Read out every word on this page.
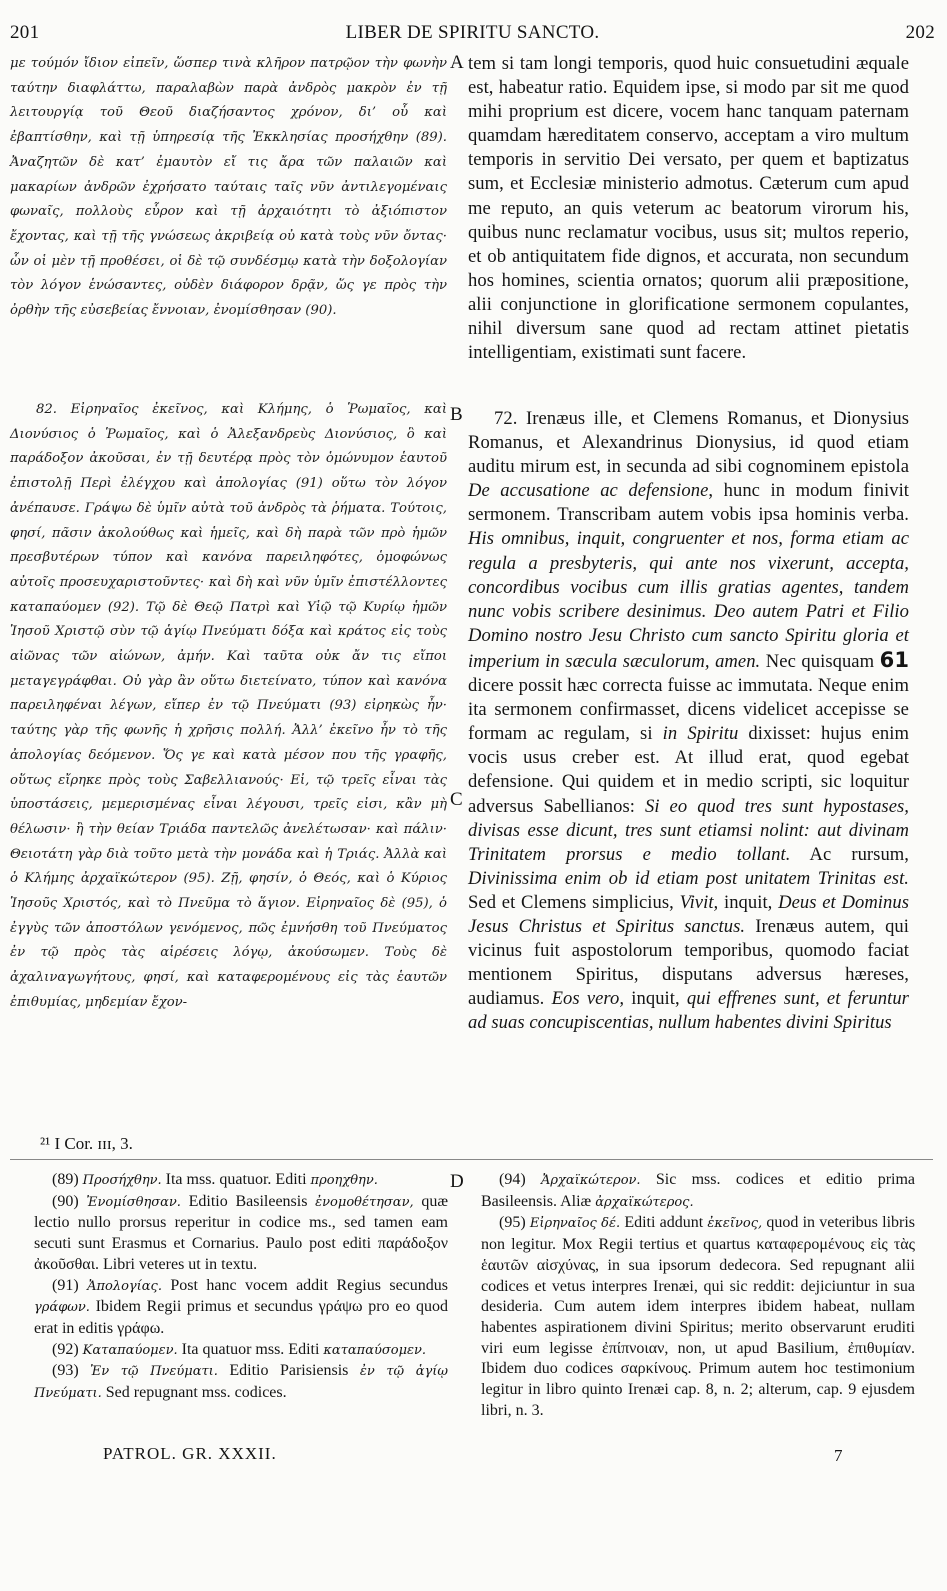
201	LIBER DE SPIRITU SANCTO.	202
A
B
C
D

με τούμόν ἴδιον εἰπεῖν, ὥσπερ τινὰ κλῆρον πατρῷον τὴν φωνὴν ταύτην διαφλάττω, παραλαβὼν παρὰ ἀνδρὸς μακρὸν ἐν τῇ λειτουργίᾳ τοῦ Θεοῦ διαζήσαντος χρόνον, δι’ οὗ καὶ ἐβαπτίσθην, καὶ τῇ ὑπηρεσίᾳ τῆς Ἐκκλησίας προσήχθην (89). Ἀναζητῶν δὲ κατ’ ἐμαυτὸν εἴ τις ἄρα τῶν παλαιῶν καὶ μακαρίων ἀνδρῶν ἐχρήσατο ταύταις ταῖς νῦν ἀντιλεγομέναις φωναῖς, πολλοὺς εὗρον καὶ τῇ ἀρχαιότητι τὸ ἀξιόπιστον ἔχοντας, καὶ τῇ τῆς γνώσεως ἀκριβείᾳ οὐ κατὰ τοὺς νῦν ὄντας· ὧν οἱ μὲν τῇ προθέσει, οἱ δὲ τῷ συνδέσμῳ κατὰ τὴν δοξολογίαν τὸν λόγον ἑνώσαντες, οὐδὲν διάφορον δρᾷν, ὥς γε πρὸς τὴν ὀρθὴν τῆς εὐσεβείας ἔννοιαν, ἐνομίσθησαν (90).

82. Εἰρηναῖος ἐκεῖνος, καὶ Κλήμης, ὁ Ῥωμαῖος, καὶ Διονύσιος ὁ Ῥωμαῖος, καὶ ὁ Ἀλεξανδρεὺς Διονύσιος, ὃ καὶ παράδοξον ἀκοῦσαι, ἐν τῇ δευτέρᾳ πρὸς τὸν ὁμώνυμον ἑαυτοῦ ἐπιστολῇ Περὶ ἐλέγχου καὶ ἀπολογίας (91) οὕτω τὸν λόγον ἀνέπαυσε. Γράψω δὲ ὑμῖν αὐτὰ τοῦ ἀνδρὸς τὰ ῥήματα. Τούτοις, φησί, πᾶσιν ἀκολούθως καὶ ἡμεῖς, καὶ δὴ παρὰ τῶν πρὸ ἡμῶν πρεσβυτέρων τύπον καὶ κανόνα παρειληφότες, ὁμοφώνως αὐτοῖς προσευχαριστοῦντες· καὶ δὴ καὶ νῦν ὑμῖν ἐπιστέλλοντες καταπαύομεν (92). Τῷ δὲ Θεῷ Πατρὶ καὶ Υἱῷ τῷ Κυρίῳ ἡμῶν Ἰησοῦ Χριστῷ σὺν τῷ ἁγίῳ Πνεύματι δόξα καὶ κράτος εἰς τοὺς αἰῶνας τῶν αἰώνων, ἀμήν. Καὶ ταῦτα οὐκ ἄν τις εἴποι μεταγεγράφθαι. Οὐ γὰρ ἂν οὕτω διετείνατο, τύπον καὶ κανόνα παρειληφέναι λέγων, εἴπερ ἐν τῷ Πνεύματι (93) εἰρηκὼς ἦν· ταύτης γὰρ τῆς φωνῆς ἡ χρῆσις πολλή. Ἀλλ’ ἐκεῖνο ἦν τὸ τῆς ἀπολογίας δεόμενον. Ὅς γε καὶ κατὰ μέσον που τῆς γραφῆς, οὕτως εἴρηκε πρὸς τοὺς Σαβελλιανούς· Εἰ, τῷ τρεῖς εἶναι τὰς ὑποστάσεις, μεμερισμένας εἶναι λέγουσι, τρεῖς εἰσι, κἂν μὴ θέλωσιν· ἢ τὴν θείαν Τριάδα παντελῶς ἀνελέτωσαν· καὶ πάλιν· Θειοτάτη γὰρ διὰ τοῦτο μετὰ τὴν μονάδα καὶ ἡ Τριάς. Ἀλλὰ καὶ ὁ Κλήμης ἀρχαϊκώτερον (95). Ζῇ, φησίν, ὁ Θεός, καὶ ὁ Κύριος Ἰησοῦς Χριστός, καὶ τὸ Πνεῦμα τὸ ἅγιον. Εἰρηναῖος δὲ (95), ὁ ἐγγὺς τῶν ἀποστόλων γενόμενος, πῶς ἐμνήσθη τοῦ Πνεύματος ἐν τῷ πρὸς τὰς αἱρέσεις λόγῳ, ἀκούσωμεν. Τοὺς δὲ ἀχαλιναγωγήτους, φησί, καὶ καταφερομένους εἰς τὰς ἑαυτῶν ἐπιθυμίας, μηδεμίαν ἔχον-

tem si tam longi temporis, quod huic consuetudini æquale est, habeatur ratio. Equidem ipse, si modo par sit me quod mihi proprium est dicere, vocem hanc tanquam paternam quamdam hæreditatem conservo, acceptam a viro multum temporis in servitio Dei versato, per quem et baptizatus sum, et Ecclesiæ ministerio admotus. Cæterum cum apud me reputo, an quis veterum ac beatorum virorum his, quibus nunc reclamatur vocibus, usus sit; multos reperio, et ob antiquitatem fide dignos, et accurata, non secundum hos homines, scientia ornatos; quorum alii præpositione, alii conjunctione in glorificatione sermonem copulantes, nihil diversum sane quod ad rectam attinet pietatis intelligentiam, existimati sunt facere.

72. Irenæus ille, et Clemens Romanus, et Dionysius Romanus, et Alexandrinus Dionysius, id quod etiam auditu mirum est, in secunda ad sibi cognominem epistola De accusatione ac defensione, hunc in modum finivit sermonem. Transcribam autem vobis ipsa hominis verba. His omnibus, inquit, congruenter et nos, forma etiam ac regula a presbyteris, qui ante nos vixerunt, acceptа, concordibus vocibus cum illis gratias agentes, tandem nunc vobis scribere desinimus. Deo autem Patri et Filio Domino nostro Jesu Christo cum sancto Spiritu gloria et imperium in sæcula sæculorum, amen. Nec quisquam 61 dicere possit hæc correcta fuisse ac immutata. Neque enim ita sermonem confirmasset, dicens videlicet accepisse se formam ac regulam, si in Spiritu dixisset: hujus enim vocis usus creber est. At illud erat, quod egebat defensione. Qui quidem et in medio scripti, sic loquitur adversus Sabellianos: Si eo quod tres sunt hypostases, divisas esse dicunt, tres sunt etiamsi nolint: aut divinam Trinitatem prorsus e medio tollant. Ac rursum, Divinissima enim ob id etiam post unitatem Trinitas est. Sed et Clemens simplicius, Vivit, inquit, Deus et Dominus Jesus Christus et Spiritus sanctus. Irenæus autem, qui vicinus fuit aspostolorum temporibus, quomodo faciat mentionem Spiritus, disputans adversus hæreses, audiamus. Eos vero, inquit, qui effrenes sunt, et feruntur ad suas concupiscentias, nullum habentes divini Spiritus

²¹ I Cor. ɪɪɪ, 3.

(89) Προσήχθην. Ita mss. quatuor. Editi προηχθην.

(90) Ἐνομίσθησαν. Editio Basileensis ἐνομοθέτησαν, quæ lectio nullo prorsus reperitur in codice ms., sed tamen eam secuti sunt Erasmus et Cornarius. Paulo post editi παράδοξον ἀκοῦσθαι. Libri veteres ut in textu.

(91) Ἀπολογίας. Post hanc vocem addit Regius secundus γράφων. Ibidem Regii primus et secundus γράψω pro eo quod erat in editis γράφω.

(92) Καταπαύομεν. Ita quatuor mss. Editi καταπαύσομεν.

(93) Ἐν τῷ Πνεύματι. Editio Parisiensis ἐν τῷ ἁγίῳ Πνεύματι. Sed repugnant mss. codices.

(94) Ἀρχαϊκώτερον. Sic mss. codices et editio prima Basileensis. Aliæ ἀρχαϊκώτερος.

(95) Εἰρηναῖος δέ. Editi addunt ἐκεῖνος, quod in veteribus libris non legitur. Mox Regii tertius et quartus καταφερομένους εἰς τὰς ἑαυτῶν αἰσχύνας, in sua ipsorum dedecora. Sed repugnant alii codices et vetus interpres Irenæi, qui sic reddit: dejiciuntur in sua desideria. Cum autem idem interpres ibidem habeat, nullam habentes aspirationem divini Spiritus; merito observarunt eruditi viri eum legisse ἐπίπνοιαν, non, ut apud Basilium, ἐπιθυμίαν. Ibidem duo codices σαρκίνους. Primum autem hoc testimonium legitur in libro quinto Irenæi cap. 8, n. 2; alterum, cap. 9 ejusdem libri, n. 3.

PATROL. GR. XXXII.	7
